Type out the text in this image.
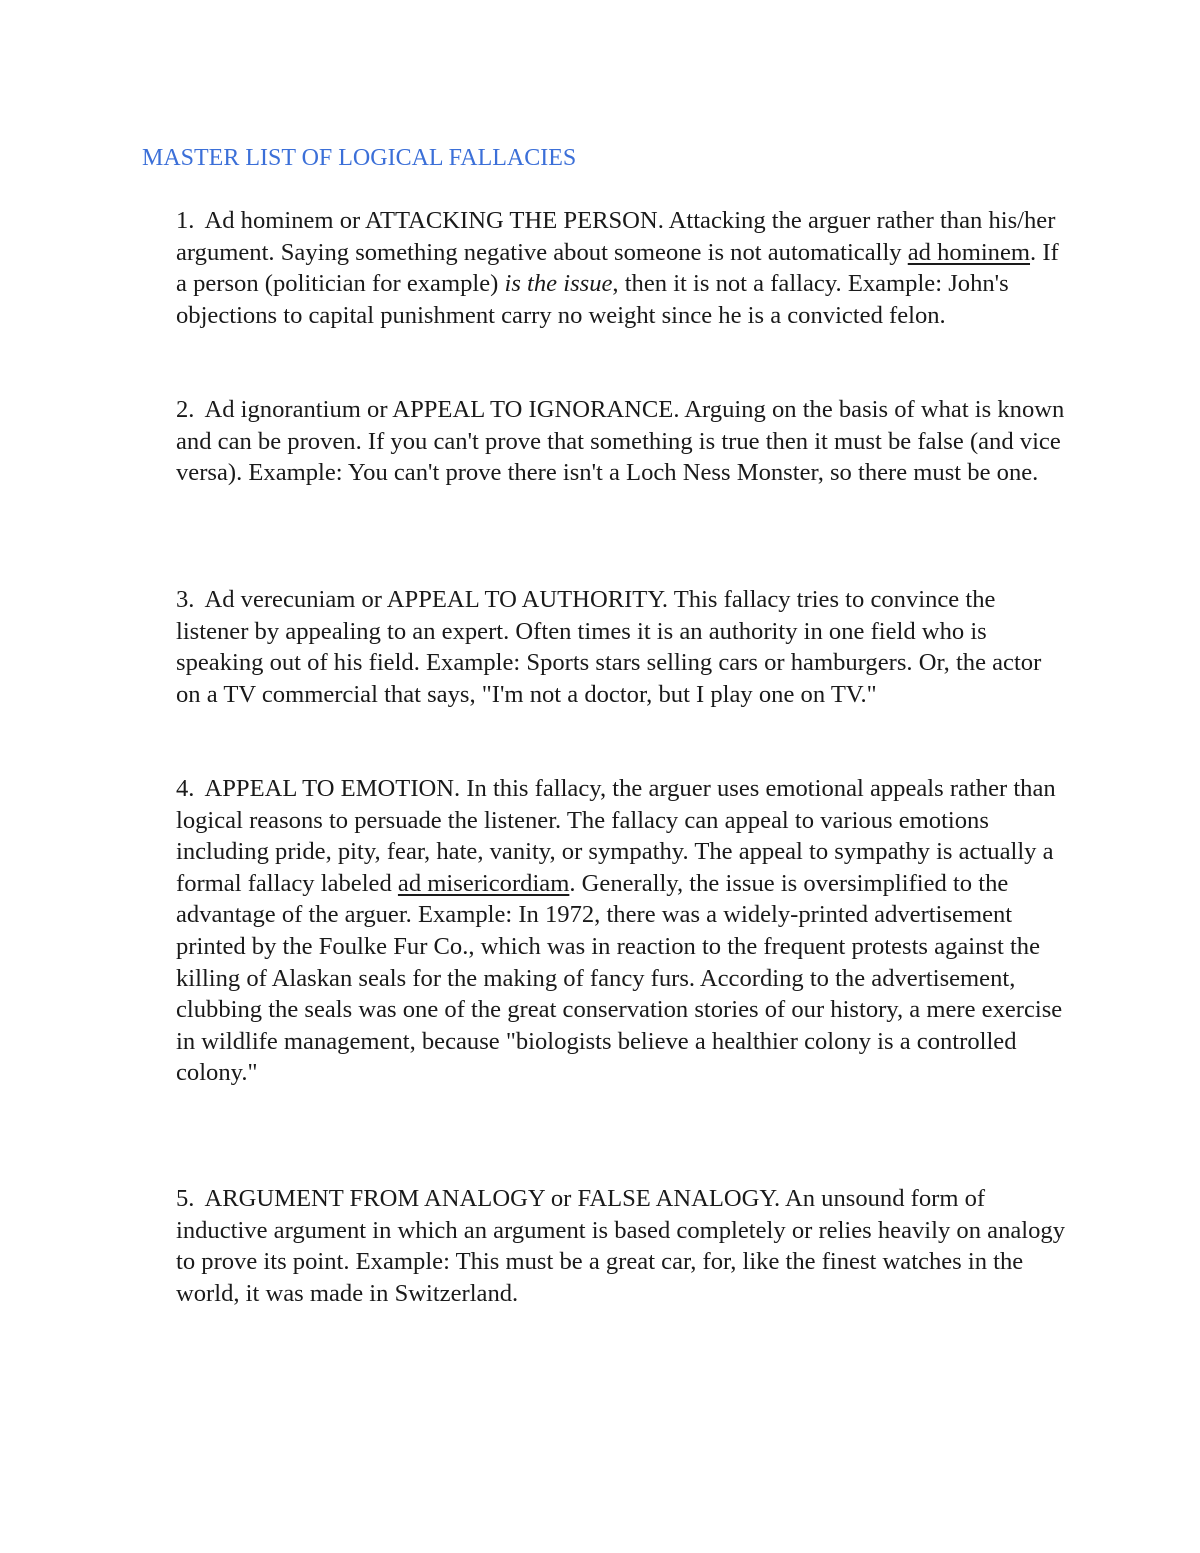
MASTER LIST OF LOGICAL FALLACIES

1. Ad hominem or ATTACKING THE PERSON. Attacking the arguer rather than his/her argument. Saying something negative about someone is not automatically ad hominem. If a person (politician for example) is the issue, then it is not a fallacy. Example: John's objections to capital punishment carry no weight since he is a convicted felon.

2. Ad ignorantium or APPEAL TO IGNORANCE. Arguing on the basis of what is known and can be proven. If you can't prove that something is true then it must be false (and vice versa). Example: You can't prove there isn't a Loch Ness Monster, so there must be one.

3. Ad verecuniam or APPEAL TO AUTHORITY. This fallacy tries to convince the listener by appealing to an expert. Often times it is an authority in one field who is speaking out of his field. Example: Sports stars selling cars or hamburgers. Or, the actor on a TV commercial that says, "I'm not a doctor, but I play one on TV."

4. APPEAL TO EMOTION. In this fallacy, the arguer uses emotional appeals rather than logical reasons to persuade the listener. The fallacy can appeal to various emotions including pride, pity, fear, hate, vanity, or sympathy. The appeal to sympathy is actually a formal fallacy labeled ad misericordiam. Generally, the issue is oversimplified to the advantage of the arguer. Example: In 1972, there was a widely-printed advertisement printed by the Foulke Fur Co., which was in reaction to the frequent protests against the killing of Alaskan seals for the making of fancy furs. According to the advertisement, clubbing the seals was one of the great conservation stories of our history, a mere exercise in wildlife management, because "biologists believe a healthier colony is a controlled colony."

5. ARGUMENT FROM ANALOGY or FALSE ANALOGY. An unsound form of inductive argument in which an argument is based completely or relies heavily on analogy to prove its point. Example: This must be a great car, for, like the finest watches in the world, it was made in Switzerland.
